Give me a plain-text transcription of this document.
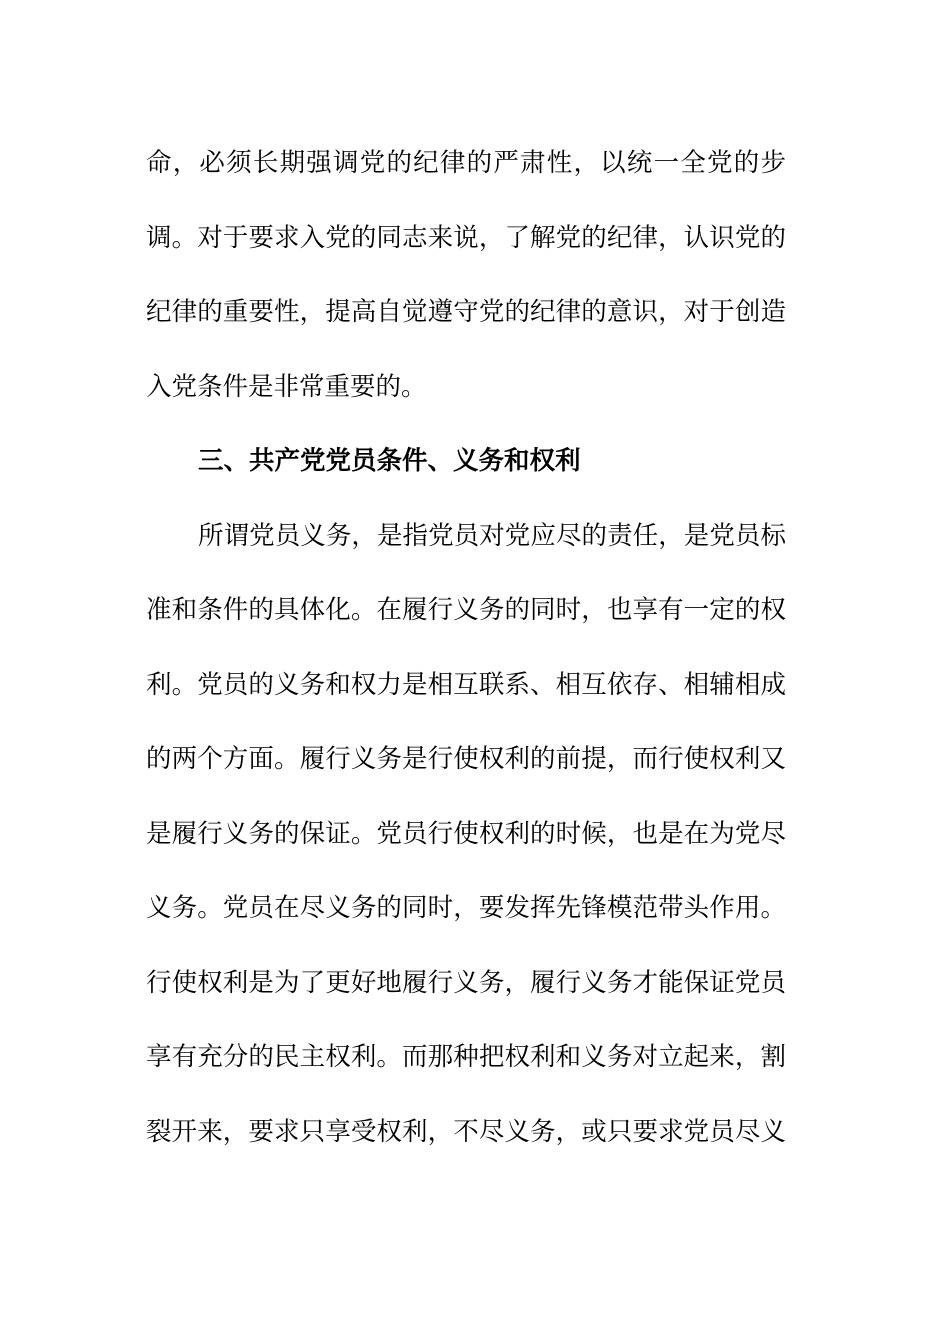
命，必须长期强调党的纪律的严肃性，以统一全党的步
调。对于要求入党的同志来说，了解党的纪律，认识党的
纪律的重要性，提高自觉遵守党的纪律的意识，对于创造
入党条件是非常重要的。
三、共产党党员条件、义务和权利
所谓党员义务，是指党员对党应尽的责任，是党员标
准和条件的具体化。在履行义务的同时，也享有一定的权
利。党员的义务和权力是相互联系、相互依存、相辅相成
的两个方面。履行义务是行使权利的前提，而行使权利又
是履行义务的保证。党员行使权利的时候，也是在为党尽
义务。党员在尽义务的同时，要发挥先锋模范带头作用。
行使权利是为了更好地履行义务，履行义务才能保证党员
享有充分的民主权利。而那种把权利和义务对立起来，割
裂开来，要求只享受权利，不尽义务，或只要求党员尽义
